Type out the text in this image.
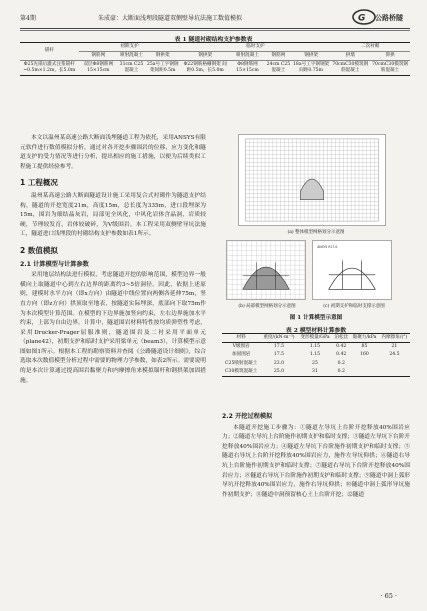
第4期	朱成豪：大断面浅埋段隧道双侧壁导坑法施工数值模拟	G 公路桥隧
表 1 隧道衬砌结构支护参数表
锚杆	初期支护			临时支护				二次衬砌	
	钢筋网	喷射混凝土	钢拱架	钢拱架	喷射混凝土	钢筋网	钢拱架	拱墙	仰拱
Φ25先锚后灌式注浆锚杆 ~0.5m×1.2m，长5.0m	双层Φ8钢筋网 15×15cm	31cm C25混凝土	25a号工字钢钢架间距0.5m	Φ22钢筋格栅钢架 间距0.5m，长5.0m	Φ8钢筋网 15×15cm	24cm C25混凝土	18a号工字钢钢架间距0.75m	70cmC30模筑钢筋混凝土	70cmC30模筑钢筋混凝土

本文以温州某高速公路大断面浅埋隧道工程为依托，采用ANSYS有限元软件进行数值模拟分析，通过对各开挖步骤围岩的位移、应力变化和隧道支护的受力情况等进行分析，提出相应的施工措施，以便为后续类似工程施工提供经验参考。

1 工程概况

温州某高速公路大断面隧道设计施工采用复合式衬砌作为隧道支护结构，隧道的开挖宽度21m，高度15m，总长度为335m，进口段埋深为15m，围岩为细结晶灰岩，局部见全风化，中风化岩体含晶洞，岩质较硬，节理较发育，岩体较破碎，为V级围岩。本工程采用双侧壁导坑法施工，隧道进口浅埋段的衬砌结构支护参数如表1所示。

2 数值模拟
2.1 计算模型与计算参数

采用地层结构法进行模拟，考虑隧道开挖的影响范围，模型边界一般横向上取隧道中心到左右边界的距离约3~5倍洞径。因此，依据上述原则，建模时水平方向（即x方向）由隧道中线位置向两侧各延伸75m，竖直方向（即z方向）拱顶取至地表，按隧道实际埋深，底部向下取75m作为本次模型计算范围。在模型的下边界施加竖向约束，左右边界施加水平约束，上部为自由边界。计算中，隧道围岩材料特性按均质弹塑性考虑，采用Drucker-Prager屈服准则，隧道围岩及二衬采用平面单元（plane42），初期支护和临时支护采用梁单元（beam3），计算模型示意图如图1所示。根据本工程的勘察资料并查阅《公路隧道设计细则》，综合选取本次数值模型分析过程中需要的物理力学参数，如表2所示。需要说明的是本次计算通过提高围岩黏聚力和内摩擦角来模拟锚杆和钢拱架加固措施。

(a) 整体模型网格划分示意图
(b) 局部模型网格划分示意图
ANSYS R17.0
(c) 初期支护和临时支撑示意图
图 1 计算模型示意图
表 2 模型材料计算参数
材料	重度/(kN·m⁻³)	变形模量/GPa	泊松比	黏聚力/kPa	内摩擦角/(°)
V级围岩	17.5	1.15	0.42	85	21
加固围岩	17.5	1.15	0.42	160	24.5
C25喷射混凝土	23.0	25	0.2		
C30模筑混凝土	25.0	31	0.2		
2.2 开挖过程模拟

本隧道开挖施工步骤为：①隧道左导坑上台阶开挖释放40%围岩应力；②隧道左导坑上台阶施作初期支护和临时支撑；③隧道左导坑下台阶开挖释放40%围岩应力；④隧道左导坑下台阶施作初期支护和临时支撑；⑤隧道右导坑上台阶开挖释放40%围岩应力，施作左导坑仰拱；⑥隧道右导坑上台阶施作初期支护和临时支撑；⑦隧道右导坑下台阶开挖释放40%围岩应力；⑧隧道右导坑下台阶施作初期支护和临时支撑；⑨隧道中洞上弧形导坑开挖释放40%围岩应力，施作右导坑仰拱；⑩隧道中洞上弧形导坑施作初期支护；⑪隧道中洞预留核心土上台阶开挖；⑫隧道

· 65 ·
